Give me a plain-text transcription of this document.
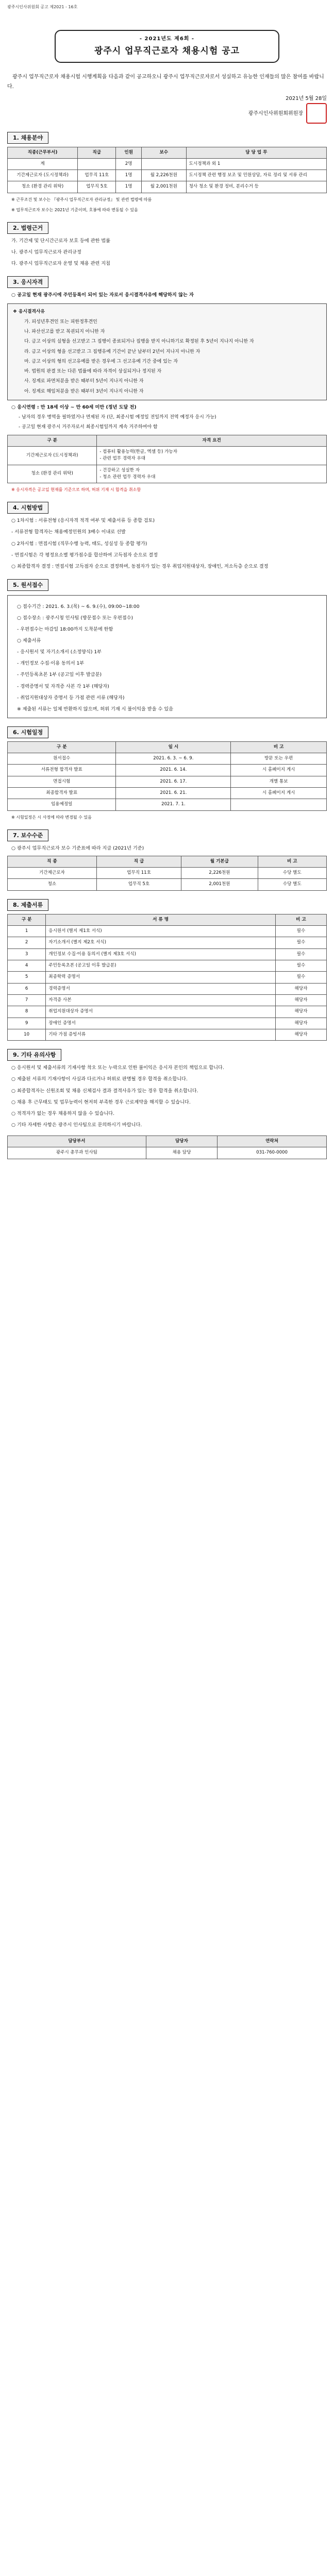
광주시인사위원회 공고 제2021 - 16호
- 2021년도 제6회 -
광주시 업무직근로자 채용시험 공고
광주시 업무직근로자 채용시험 시행계획을 다음과 같이 공고하오니 광주시 업무직근로자로서 성실하고 유능한 인재들의 많은 참여를 바랍니다.
2021년 5월 28일
광주시인사위원회위원장
1. 채용분야
직종(근무부서)	직급	인원	보수	담 당 업 무
계		2명		도시정책과 외 1
기간제근로자 (도시정책과)	업무직 11호	1명	월 2,226천원	도시정책 관련 행정 보조 및 민원상담, 자료 정리 및 서류 관리
청소 (환경 관리 위탁)	업무직 5호	1명	월 2,001천원	청사 청소 및 환경 정비, 분리수거 등
※ 근무조건 및 보수는 『광주시 업무직근로자 관리규정』 및 관련 법령에 따름
※ 업무직근로자 보수는 2021년 기준이며, 호봉에 따라 변동될 수 있음
2. 법령근거
가. 기간제 및 단시간근로자 보호 등에 관한 법률
나. 광주시 업무직근로자 관리규정
다. 광주시 업무직근로자 운영 및 채용 관련 지침
3. 응시자격
○ 공고일 현재 광주시에 주민등록이 되어 있는 자로서 응시결격사유에 해당하지 않는 자
❖ 응시결격사유
가. 피성년후견인 또는 피한정후견인
나. 파산선고를 받고 복권되지 아니한 자
다. 금고 이상의 실형을 선고받고 그 집행이 종료되거나 집행을 받지 아니하기로 확정된 후 5년이 지나지 아니한 자
라. 금고 이상의 형을 선고받고 그 집행유예 기간이 끝난 날부터 2년이 지나지 아니한 자
마. 금고 이상의 형의 선고유예를 받은 경우에 그 선고유예 기간 중에 있는 자
바. 법원의 판결 또는 다른 법률에 따라 자격이 상실되거나 정지된 자
사. 징계로 파면처분을 받은 때부터 5년이 지나지 아니한 자
아. 징계로 해임처분을 받은 때부터 3년이 지나지 아니한 자
○ 응시연령 : 만 18세 이상 ~ 만 60세 미만 (정년 도달 전)
- 남자의 경우 병역을 필하였거나 면제된 자 (단, 최종시험 예정일 전일까지 전역 예정자 응시 가능)
- 공고일 현재 광주시 거주자로서 최종시험일까지 계속 거주하여야 함
구 분	자격 요건
기간제근로자 (도시정책과)	- 컴퓨터 활용능력(한글, 엑셀 등) 가능자
- 관련 업무 경력자 우대
청소 (환경 관리 위탁)	- 건강하고 성실한 자
- 청소 관련 업무 경력자 우대
※ 응시자격은 공고일 현재를 기준으로 하며, 허위 기재 시 합격을 취소함
4. 시험방법
○ 1차시험 : 서류전형 (응시자격 적격 여부 및 제출서류 등 종합 검토)
- 서류전형 합격자는 채용예정인원의 3배수 이내로 선발
○ 2차시험 : 면접시험 (직무수행 능력, 태도, 성실성 등 종합 평가)
- 면접시험은 각 평정요소별 평가점수를 합산하여 고득점자 순으로 결정
○ 최종합격자 결정 : 면접시험 고득점자 순으로 결정하며, 동점자가 있는 경우 취업지원대상자, 장애인, 저소득층 순으로 결정
5. 원서접수
○ 접수기간 : 2021. 6. 3.(목) ~ 6. 9.(수), 09:00~18:00
○ 접수장소 : 광주시청 인사팀 (방문접수 또는 우편접수)
- 우편접수는 마감일 18:00까지 도착분에 한함
○ 제출서류
- 응시원서 및 자기소개서 (소정양식) 1부
- 개인정보 수집·이용 동의서 1부
- 주민등록초본 1부 (공고일 이후 발급분)
- 경력증명서 및 자격증 사본 각 1부 (해당자)
- 취업지원대상자 증명서 등 가점 관련 서류 (해당자)
※ 제출된 서류는 일체 반환하지 않으며, 허위 기재 시 불이익을 받을 수 있음
6. 시험일정
구 분	일 시	비 고
원서접수	2021. 6. 3. ~ 6. 9.	방문 또는 우편
서류전형 합격자 발표	2021. 6. 14.	시 홈페이지 게시
면접시험	2021. 6. 17.	개별 통보
최종합격자 발표	2021. 6. 21.	시 홈페이지 게시
임용예정일	2021. 7. 1.	
※ 시험일정은 시 사정에 따라 변경될 수 있음
7. 보수수준
○ 광주시 업무직근로자 보수 기준표에 따라 지급 (2021년 기준)
직 종	직 급	월 기본급	비 고
기간제근로자	업무직 11호	2,226천원	수당 별도
청소	업무직 5호	2,001천원	수당 별도
8. 제출서류
구 분	서 류 명	비 고
1	응시원서 (별지 제1호 서식)	필수
2	자기소개서 (별지 제2호 서식)	필수
3	개인정보 수집·이용 동의서 (별지 제3호 서식)	필수
4	주민등록초본 (공고일 이후 발급분)	필수
5	최종학력 증명서	필수
6	경력증명서	해당자
7	자격증 사본	해당자
8	취업지원대상자 증명서	해당자
9	장애인 증명서	해당자
10	기타 가점 증빙서류	해당자
9. 기타 유의사항
○ 응시원서 및 제출서류의 기재사항 착오 또는 누락으로 인한 불이익은 응시자 본인의 책임으로 합니다.
○ 제출된 서류의 기재사항이 사실과 다르거나 허위로 판명될 경우 합격을 취소합니다.
○ 최종합격자는 신원조회 및 채용 신체검사 결과 결격사유가 있는 경우 합격을 취소합니다.
○ 채용 후 근무태도 및 업무능력이 현저히 부족한 경우 근로계약을 해지할 수 있습니다.
○ 적격자가 없는 경우 채용하지 않을 수 있습니다.
○ 기타 자세한 사항은 광주시 인사팀으로 문의하시기 바랍니다.
담당부서	담당자	연락처
광주시 총무과 인사팀	채용 담당	031-760-0000
